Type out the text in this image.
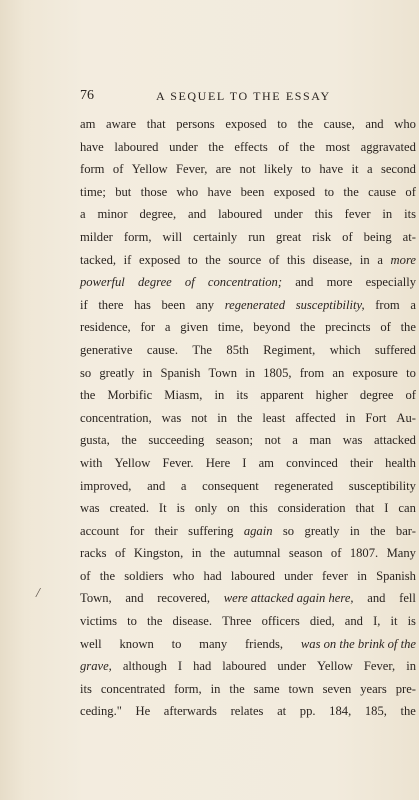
76	A SEQUEL TO THE ESSAY
/
am aware that persons exposed to the cause, and who
have laboured under the effects of the most aggravated
form of Yellow Fever, are not likely to have it a second
time; but those who have been exposed to the cause of
a minor degree, and laboured under this fever in its
milder form, will certainly run great risk of being at-
tacked, if exposed to the source of this disease, in a more
powerful degree of concentration; and more especially
if there has been any regenerated susceptibility, from a
residence, for a given time, beyond the precincts of the
generative cause. The 85th Regiment, which suffered
so greatly in Spanish Town in 1805, from an exposure to
the Morbific Miasm, in its apparent higher degree of
concentration, was not in the least affected in Fort Au-
gusta, the succeeding season; not a man was attacked
with Yellow Fever. Here I am convinced their health
improved, and a consequent regenerated susceptibility
was created. It is only on this consideration that I can
account for their suffering again so greatly in the bar-
racks of Kingston, in the autumnal season of 1807. Many
of the soldiers who had laboured under fever in Spanish
Town, and recovered, were attacked again here, and fell
victims to the disease. Three officers died, and I, it is
well known to many friends, was on the brink of the
grave, although I had laboured under Yellow Fever, in
its concentrated form, in the same town seven years pre-
ceding." He afterwards relates at pp. 184, 185, the
